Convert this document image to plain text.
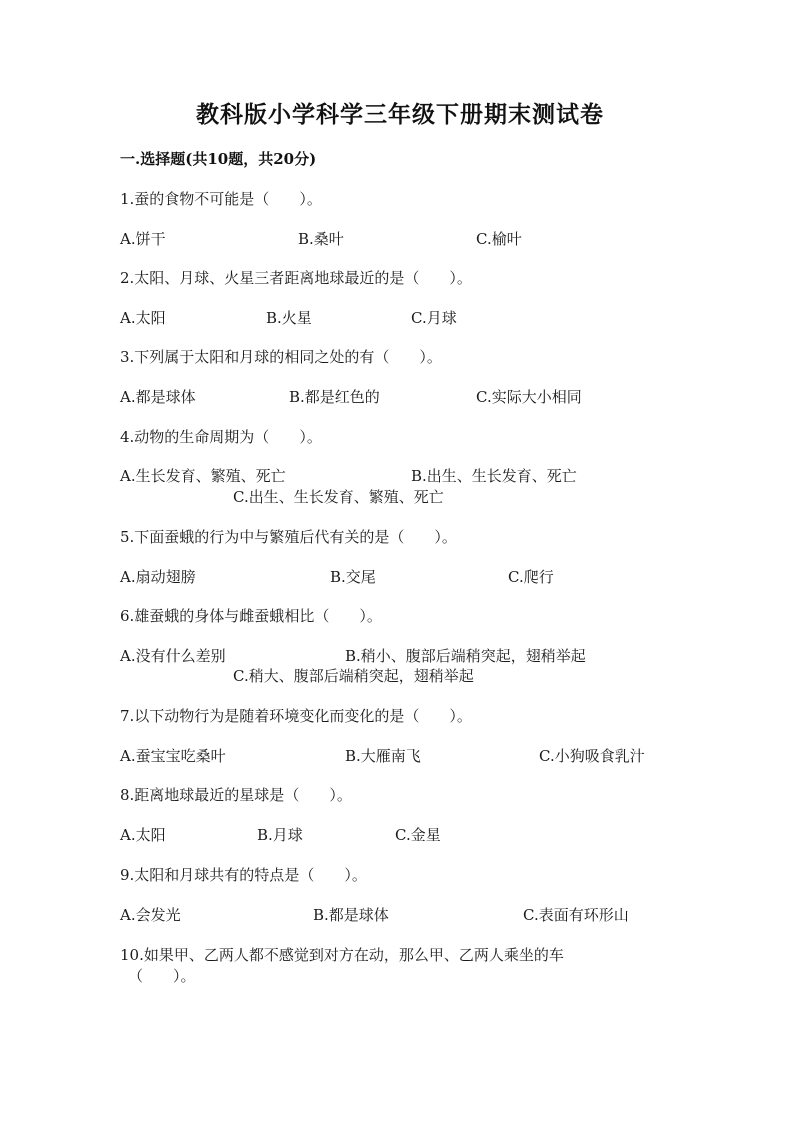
教科版小学科学三年级下册期末测试卷
一.选择题(共10题，共20分)
1.蚕的食物不可能是（　　）。
A.饼干	B.桑叶	C.榆叶
2.太阳、月球、火星三者距离地球最近的是（　　）。
A.太阳	B.火星	C.月球
3.下列属于太阳和月球的相同之处的有（　　）。
A.都是球体	B.都是红色的	C.实际大小相同
4.动物的生命周期为（　　）。
A.生长发育、繁殖、死亡	B.出生、生长发育、死亡
C.出生、生长发育、繁殖、死亡
5.下面蚕蛾的行为中与繁殖后代有关的是（　　）。
A.扇动翅膀	B.交尾	C.爬行
6.雄蚕蛾的身体与雌蚕蛾相比（　　）。
A.没有什么差别	B.稍小、腹部后端稍突起，翅稍举起
C.稍大、腹部后端稍突起，翅稍举起
7.以下动物行为是随着环境变化而变化的是（　　）。
A.蚕宝宝吃桑叶	B.大雁南飞	C.小狗吸食乳汁
8.距离地球最近的星球是（　　）。
A.太阳	B.月球	C.金星
9.太阳和月球共有的特点是（　　）。
A.会发光	B.都是球体	C.表面有环形山
10.如果甲、乙两人都不感觉到对方在动，那么甲、乙两人乘坐的车
（　　）。
